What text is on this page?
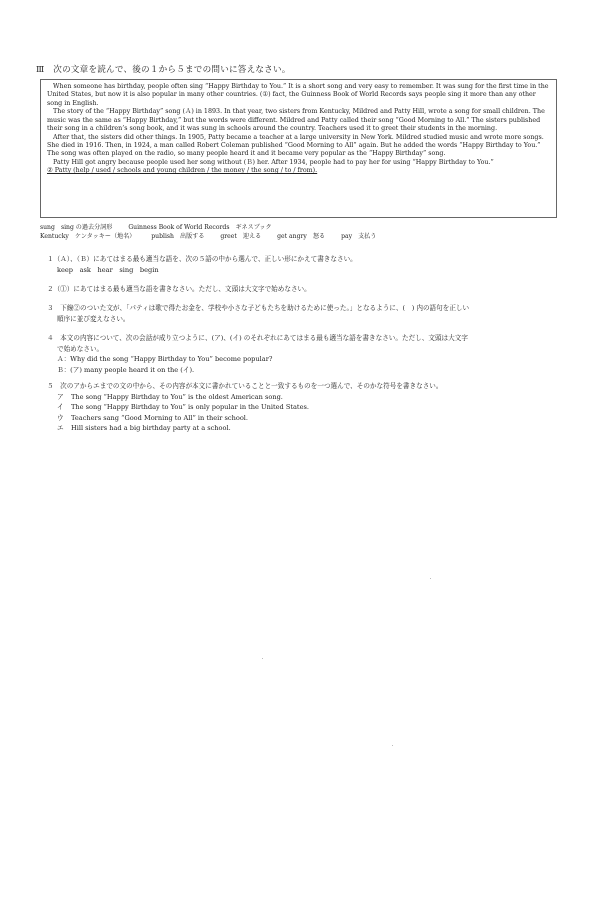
Ⅲ　次の文章を読んで、後の１から５までの問いに答えなさい。

When someone has birthday, people often sing “Happy Birthday to You.” It is a short song and very easy to remember. It was sung for the first time in the United States, but now it is also popular in many other countries. (①) fact, the Guinness Book of World Records says people sing it more than any other song in English.

The story of the “Happy Birthday” song (Ａ) in 1893. In that year, two sisters from Kentucky, Mildred and Patty Hill, wrote a song for small children. The music was the same as “Happy Birthday,” but the words were different. Mildred and Patty called their song “Good Morning to All.” The sisters published their song in a children’s song book, and it was sung in schools around the country. Teachers used it to greet their students in the morning.

After that, the sisters did other things. In 1905, Patty became a teacher at a large university in New York. Mildred studied music and wrote more songs. She died in 1916. Then, in 1924, a man called Robert Coleman published “Good Morning to All” again. But he added the words “Happy Birthday to You.” The song was often played on the radio, so many people heard it and it became very popular as the “Happy Birthday” song.

Patty Hill got angry because people used her song without (Ｂ) her. After 1934, people had to pay her for using “Happy Birthday to You.”

② Patty (help / used / schools and young children / the money / the song / to / from).

sung　sing の過去分詞形	Guinness Book of World Records　ギネスブック
Kentucky　ケンタッキー（地名）	publish　出版する	greet　迎える	get angry　怒る	pay　支払う
１（Ａ）、（Ｂ）にあてはまる最も適当な語を、次の５語の中から選んで、正しい形にかえて書きなさい。
keep　ask　hear　sing　begin
２（①）にあてはまる最も適当な語を書きなさい。ただし、文頭は大文字で始めなさい。
３　下線②のついた文が、「パティは歌で得たお金を、学校や小さな子どもたちを助けるために使った。」となるように、(　) 内の語句を正しい
順序に並び変えなさい。
４　本文の内容について、次の会話が成り立つように、(ア)、(イ) のそれぞれにあてはまる最も適当な語を書きなさい。ただし、文頭は大文字
で始めなさい。
Ａ：Why did the song “Happy Birthday to You” become popular?
Ｂ：(ア) many people heard it on the (イ).
５　次のアからエまでの文の中から、その内容が本文に書かれていることと一致するものを一つ選んで、そのかな符号を書きなさい。
ア The song “Happy Birthday to You” is the oldest American song.
イ The song “Happy Birthday to You” is only popular in the United States.
ウ Teachers sang “Good Morning to All” in their school.
エ Hill sisters had a big birthday party at a school.
